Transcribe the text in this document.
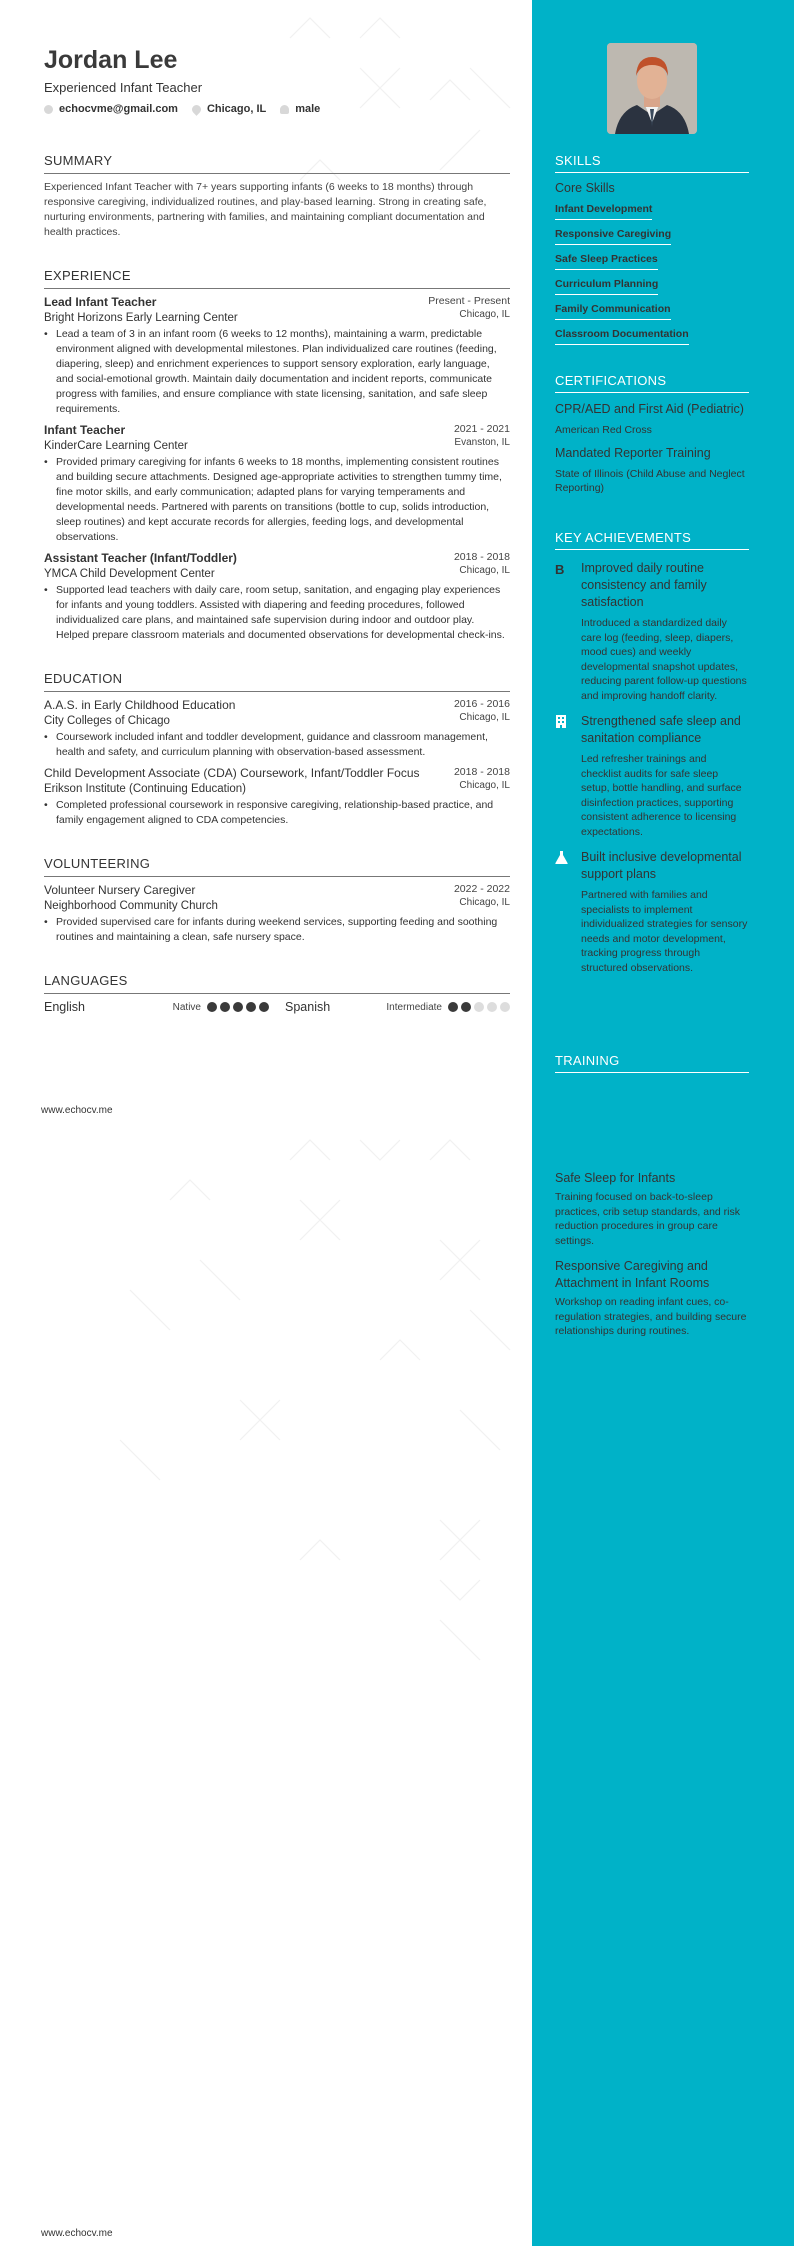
Jordan Lee
Experienced Infant Teacher
echocvme@gmail.com	Chicago, IL	male
SUMMARY
Experienced Infant Teacher with 7+ years supporting infants (6 weeks to 18 months) through responsive caregiving, individualized routines, and play-based learning. Strong in creating safe, nurturing environments, partnering with families, and maintaining compliant documentation and health practices.
EXPERIENCE
Lead Infant Teacher	Present - Present
Bright Horizons Early Learning Center	Chicago, IL
• Lead a team of 3 in an infant room (6 weeks to 12 months), maintaining a warm, predictable environment aligned with developmental milestones. Plan individualized care routines (feeding, diapering, sleep) and enrichment experiences to support sensory exploration, early language, and social-emotional growth. Maintain daily documentation and incident reports, communicate progress with families, and ensure compliance with state licensing, sanitation, and safe sleep requirements.
Infant Teacher	2021 - 2021
KinderCare Learning Center	Evanston, IL
• Provided primary caregiving for infants 6 weeks to 18 months, implementing consistent routines and building secure attachments. Designed age-appropriate activities to strengthen tummy time, fine motor skills, and early communication; adapted plans for varying temperaments and developmental needs. Partnered with parents on transitions (bottle to cup, solids introduction, sleep routines) and kept accurate records for allergies, feeding logs, and developmental observations.
Assistant Teacher (Infant/Toddler)	2018 - 2018
YMCA Child Development Center	Chicago, IL
• Supported lead teachers with daily care, room setup, sanitation, and engaging play experiences for infants and young toddlers. Assisted with diapering and feeding procedures, followed individualized care plans, and maintained safe supervision during indoor and outdoor play. Helped prepare classroom materials and documented observations for developmental check-ins.
EDUCATION
A.A.S. in Early Childhood Education	2016 - 2016
City Colleges of Chicago	Chicago, IL
• Coursework included infant and toddler development, guidance and classroom management, health and safety, and curriculum planning with observation-based assessment.
Child Development Associate (CDA) Coursework, Infant/Toddler Focus	2018 - 2018
Erikson Institute (Continuing Education)	Chicago, IL
• Completed professional coursework in responsive caregiving, relationship-based practice, and family engagement aligned to CDA competencies.
VOLUNTEERING
Volunteer Nursery Caregiver	2022 - 2022
Neighborhood Community Church	Chicago, IL
• Provided supervised care for infants during weekend services, supporting feeding and soothing routines and maintaining a clean, safe nursery space.
LANGUAGES
English	Native	Spanish	Intermediate
www.echocv.me
www.echocv.me
SKILLS
Core Skills
Infant Development
Responsive Caregiving
Safe Sleep Practices
Curriculum Planning
Family Communication
Classroom Documentation
CERTIFICATIONS
CPR/AED and First Aid (Pediatric)
American Red Cross
Mandated Reporter Training
State of Illinois (Child Abuse and Neglect Reporting)
KEY ACHIEVEMENTS
B	Improved daily routine consistency and family satisfaction
Introduced a standardized daily care log (feeding, sleep, diapers, mood cues) and weekly developmental snapshot updates, reducing parent follow-up questions and improving handoff clarity.
Strengthened safe sleep and sanitation compliance
Led refresher trainings and checklist audits for safe sleep setup, bottle handling, and surface disinfection practices, supporting consistent adherence to licensing expectations.
Built inclusive developmental support plans
Partnered with families and specialists to implement individualized strategies for sensory needs and motor development, tracking progress through structured observations.
TRAINING
Safe Sleep for Infants
Training focused on back-to-sleep practices, crib setup standards, and risk reduction procedures in group care settings.
Responsive Caregiving and Attachment in Infant Rooms
Workshop on reading infant cues, co-regulation strategies, and building secure relationships during routines.
